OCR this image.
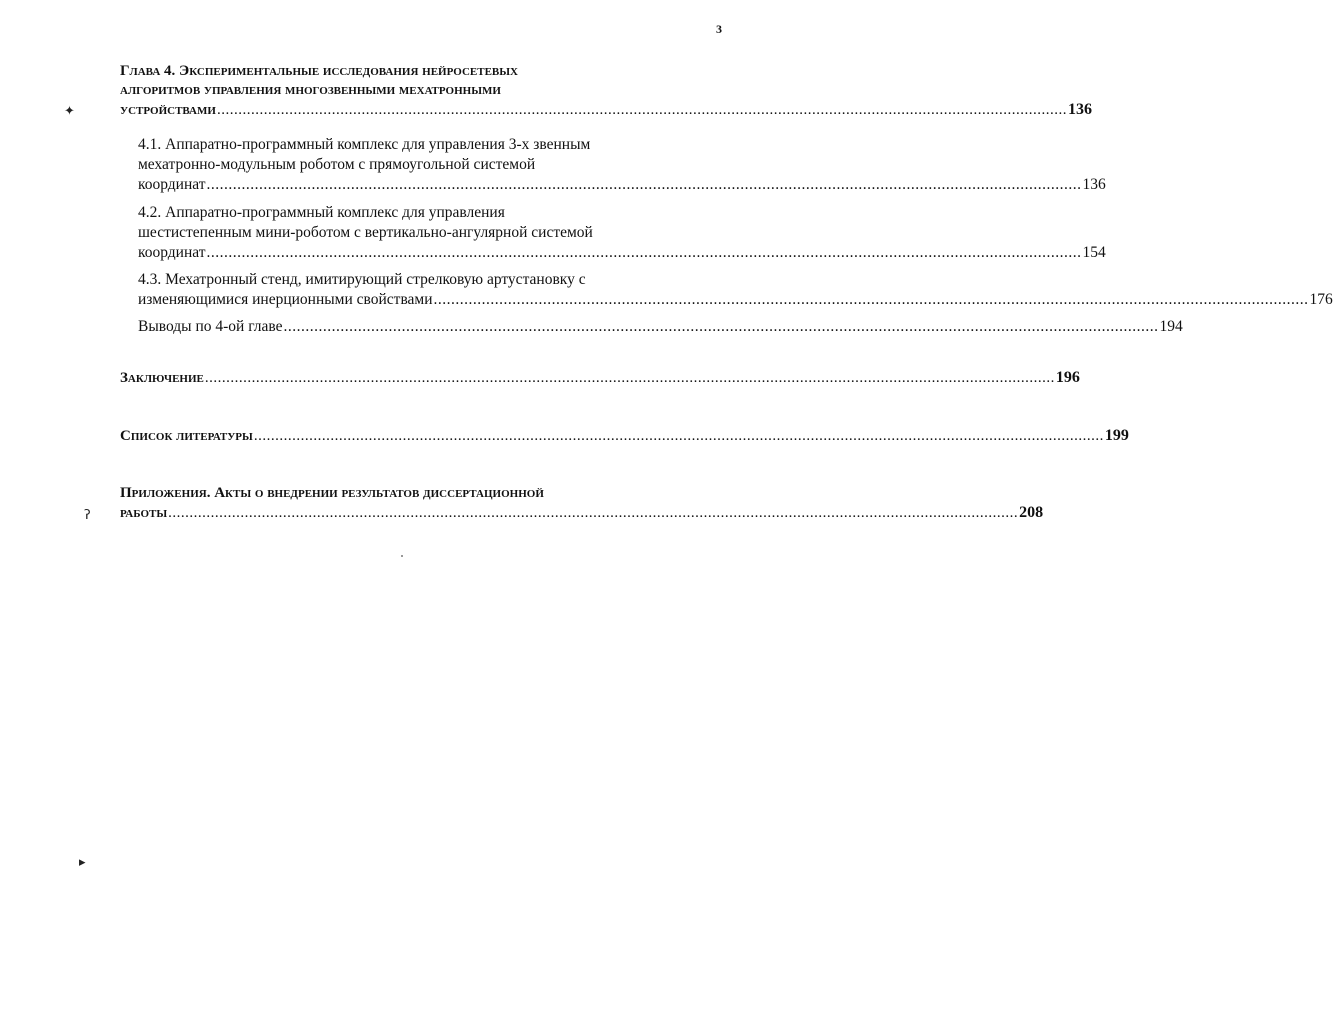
3
Глава 4. Экспериментальные исследования нейросетевых
алгоритмов управления многозвенными мехатронными
устройствами ........................................................................................................................................................................................................ 136
4.1. Аппаратно-программный комплекс для управления 3-х звенным
мехатронно-модульным роботом с прямоугольной системой
координат ........................................................................................................................................................................................................ 136
4.2. Аппаратно-программный комплекс для управления
шестистепенным мини-роботом с вертикально-ангулярной системой
координат ........................................................................................................................................................................................................ 154
4.3. Мехатронный стенд, имитирующий стрелковую артустановку с
изменяющимися инерционными свойствами ........................................................................................................................................................................................................ 176
Выводы по 4-ой главе ........................................................................................................................................................................................................ 194
Заключение ........................................................................................................................................................................................................ 196
Список литературы ........................................................................................................................................................................................................ 199
Приложения. Акты о внедрении результатов диссертационной
работы ........................................................................................................................................................................................................ 208
✦
ʔ
▸
